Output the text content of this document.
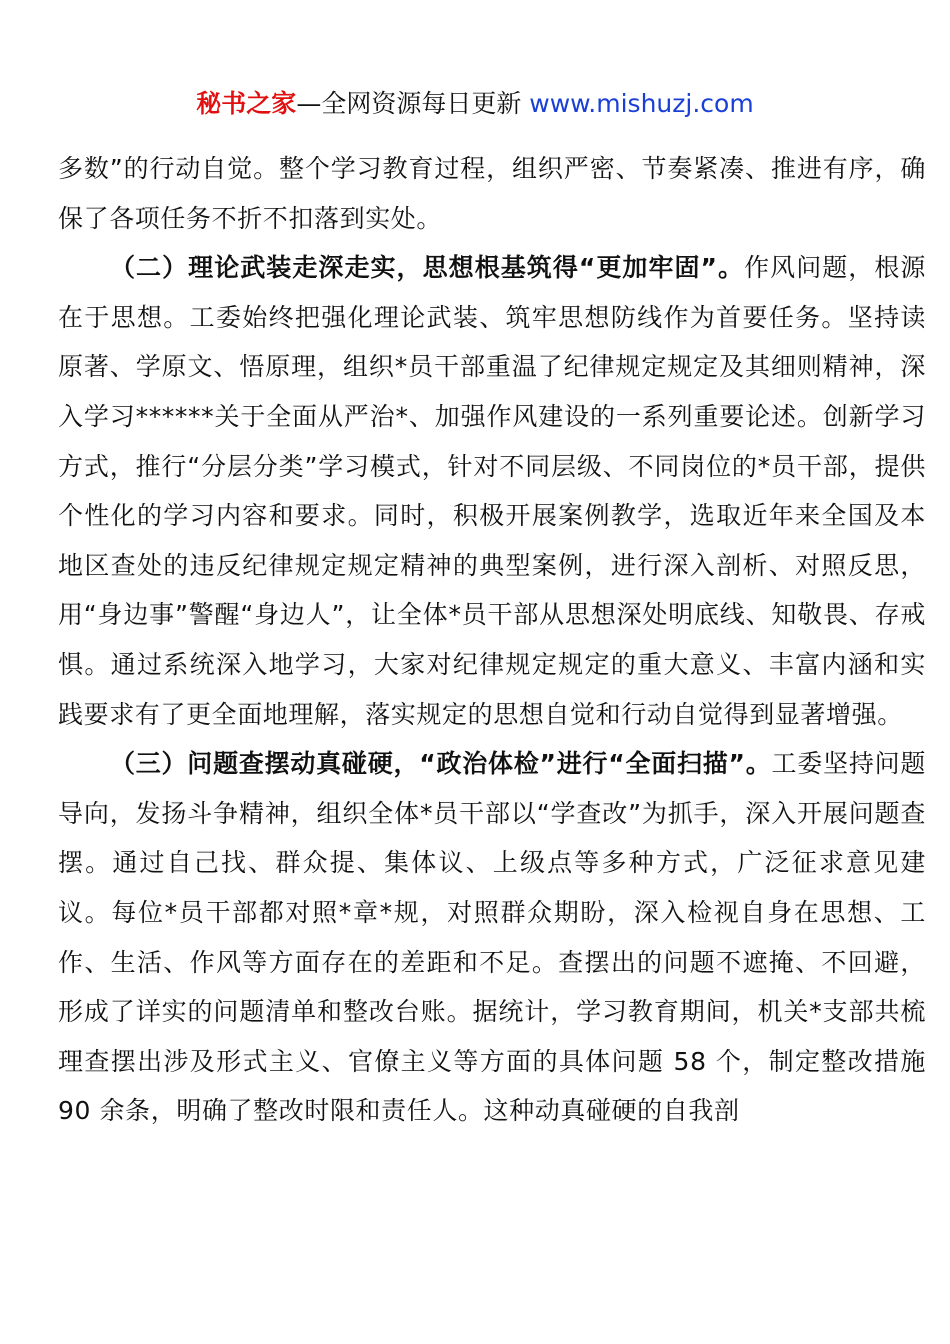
秘书之家—全网资源每日更新 www.mishuzj.com

多数”的行动自觉。整个学习教育过程，组织严密、节奏紧凑、推进有序，确保了各项任务不折不扣落到实处。

（二）理论武装走深走实，思想根基筑得“更加牢固”。作风问题，根源在于思想。工委始终把强化理论武装、筑牢思想防线作为首要任务。坚持读原著、学原文、悟原理，组织*员干部重温了纪律规定规定及其细则精神，深入学习******关于全面从严治*、加强作风建设的一系列重要论述。创新学习方式，推行“分层分类”学习模式，针对不同层级、不同岗位的*员干部，提供个性化的学习内容和要求。同时，积极开展案例教学，选取近年来全国及本地区查处的违反纪律规定规定精神的典型案例，进行深入剖析、对照反思，用“身边事”警醒“身边人”，让全体*员干部从思想深处明底线、知敬畏、存戒惧。通过系统深入地学习，大家对纪律规定规定的重大意义、丰富内涵和实践要求有了更全面地理解，落实规定的思想自觉和行动自觉得到显著增强。

（三）问题查摆动真碰硬，“政治体检”进行“全面扫描”。工委坚持问题导向，发扬斗争精神，组织全体*员干部以“学查改”为抓手，深入开展问题查摆。通过自己找、群众提、集体议、上级点等多种方式，广泛征求意见建议。每位*员干部都对照*章*规，对照群众期盼，深入检视自身在思想、工作、生活、作风等方面存在的差距和不足。查摆出的问题不遮掩、不回避，形成了详实的问题清单和整改台账。据统计，学习教育期间，机关*支部共梳理查摆出涉及形式主义、官僚主义等方面的具体问题 58 个，制定整改措施 90 余条，明确了整改时限和责任人。这种动真碰硬的自我剖
